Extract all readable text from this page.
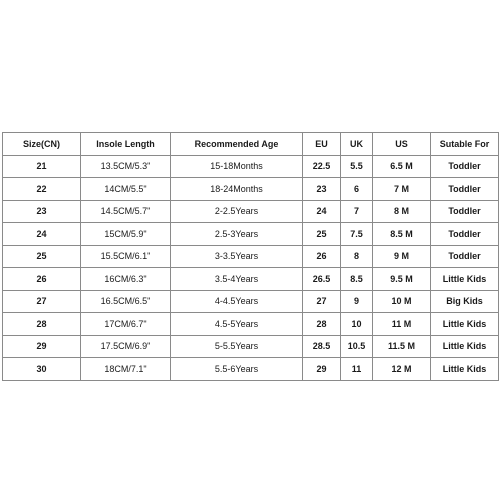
Size(CN)	Insole Length	Recommended Age	EU	UK	US	Sutable For
21	13.5CM/5.3"	15-18Months	22.5	5.5	6.5 M	Toddler
22	14CM/5.5"	18-24Months	23	6	7 M	Toddler
23	14.5CM/5.7"	2-2.5Years	24	7	8 M	Toddler
24	15CM/5.9"	2.5-3Years	25	7.5	8.5 M	Toddler
25	15.5CM/6.1"	3-3.5Years	26	8	9 M	Toddler
26	16CM/6.3"	3.5-4Years	26.5	8.5	9.5 M	Little Kids
27	16.5CM/6.5"	4-4.5Years	27	9	10 M	Big Kids
28	17CM/6.7"	4.5-5Years	28	10	11 M	Little Kids
29	17.5CM/6.9"	5-5.5Years	28.5	10.5	11.5 M	Little Kids
30	18CM/7.1"	5.5-6Years	29	11	12 M	Little Kids
